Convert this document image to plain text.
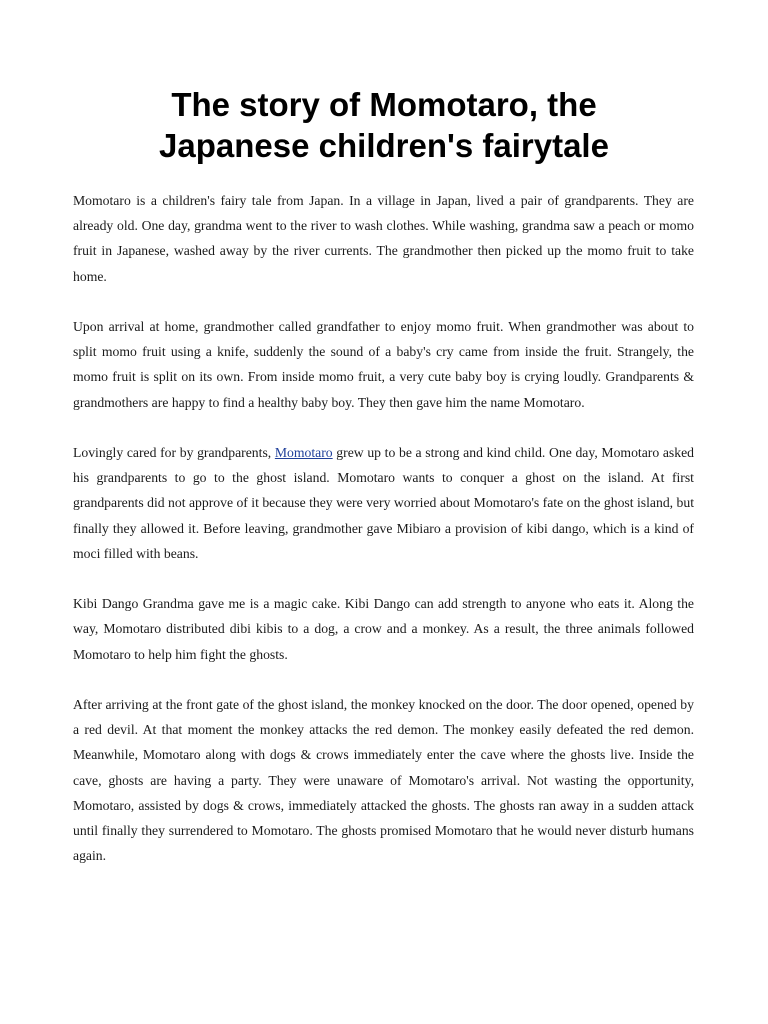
The story of Momotaro, the
Japanese children's fairytale

Momotaro is a children's fairy tale from Japan. In a village in Japan, lived a pair of grandparents. They are already old. One day, grandma went to the river to wash clothes. While washing, grandma saw a peach or momo fruit in Japanese, washed away by the river currents. The grandmother then picked up the momo fruit to take home.

Upon arrival at home, grandmother called grandfather to enjoy momo fruit. When grandmother was about to split momo fruit using a knife, suddenly the sound of a baby's cry came from inside the fruit. Strangely, the momo fruit is split on its own. From inside momo fruit, a very cute baby boy is crying loudly. Grandparents & grandmothers are happy to find a healthy baby boy. They then gave him the name Momotaro.

Lovingly cared for by grandparents, Momotaro grew up to be a strong and kind child. One day, Momotaro asked his grandparents to go to the ghost island. Momotaro wants to conquer a ghost on the island. At first grandparents did not approve of it because they were very worried about Momotaro's fate on the ghost island, but finally they allowed it. Before leaving, grandmother gave Mibiaro a provision of kibi dango, which is a kind of moci filled with beans.

Kibi Dango Grandma gave me is a magic cake. Kibi Dango can add strength to anyone who eats it. Along the way, Momotaro distributed dibi kibis to a dog, a crow and a monkey. As a result, the three animals followed Momotaro to help him fight the ghosts.

After arriving at the front gate of the ghost island, the monkey knocked on the door. The door opened, opened by a red devil. At that moment the monkey attacks the red demon. The monkey easily defeated the red demon. Meanwhile, Momotaro along with dogs & crows immediately enter the cave where the ghosts live. Inside the cave, ghosts are having a party. They were unaware of Momotaro's arrival. Not wasting the opportunity, Momotaro, assisted by dogs & crows, immediately attacked the ghosts. The ghosts ran away in a sudden attack until finally they surrendered to Momotaro. The ghosts promised Momotaro that he would never disturb humans again.
